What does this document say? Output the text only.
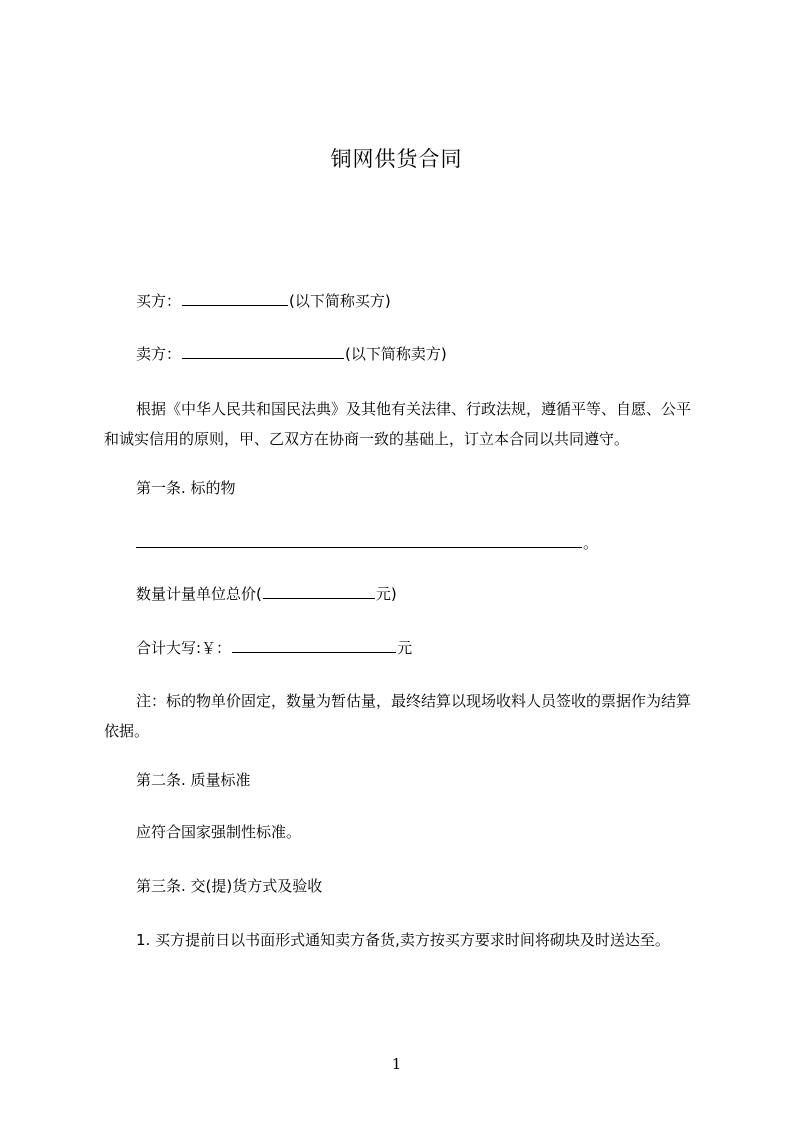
铜网供货合同
买方：	(以下简称买方)
卖方：	(以下简称卖方)
根据《中华人民共和国民法典》及其他有关法律、行政法规，遵循平等、自愿、公平和诚实信用的原则，甲、乙双方在协商一致的基础上，订立本合同以共同遵守。
第一条. 标的物
。
数量计量单位总价(	元)
合计大写:￥：	元
注：标的物单价固定，数量为暂估量，最终结算以现场收料人员签收的票据作为结算依据。
第二条. 质量标准
应符合国家强制性标准。
第三条. 交(提)货方式及验收
1. 买方提前日以书面形式通知卖方备货,卖方按买方要求时间将砌块及时送达至。
1
